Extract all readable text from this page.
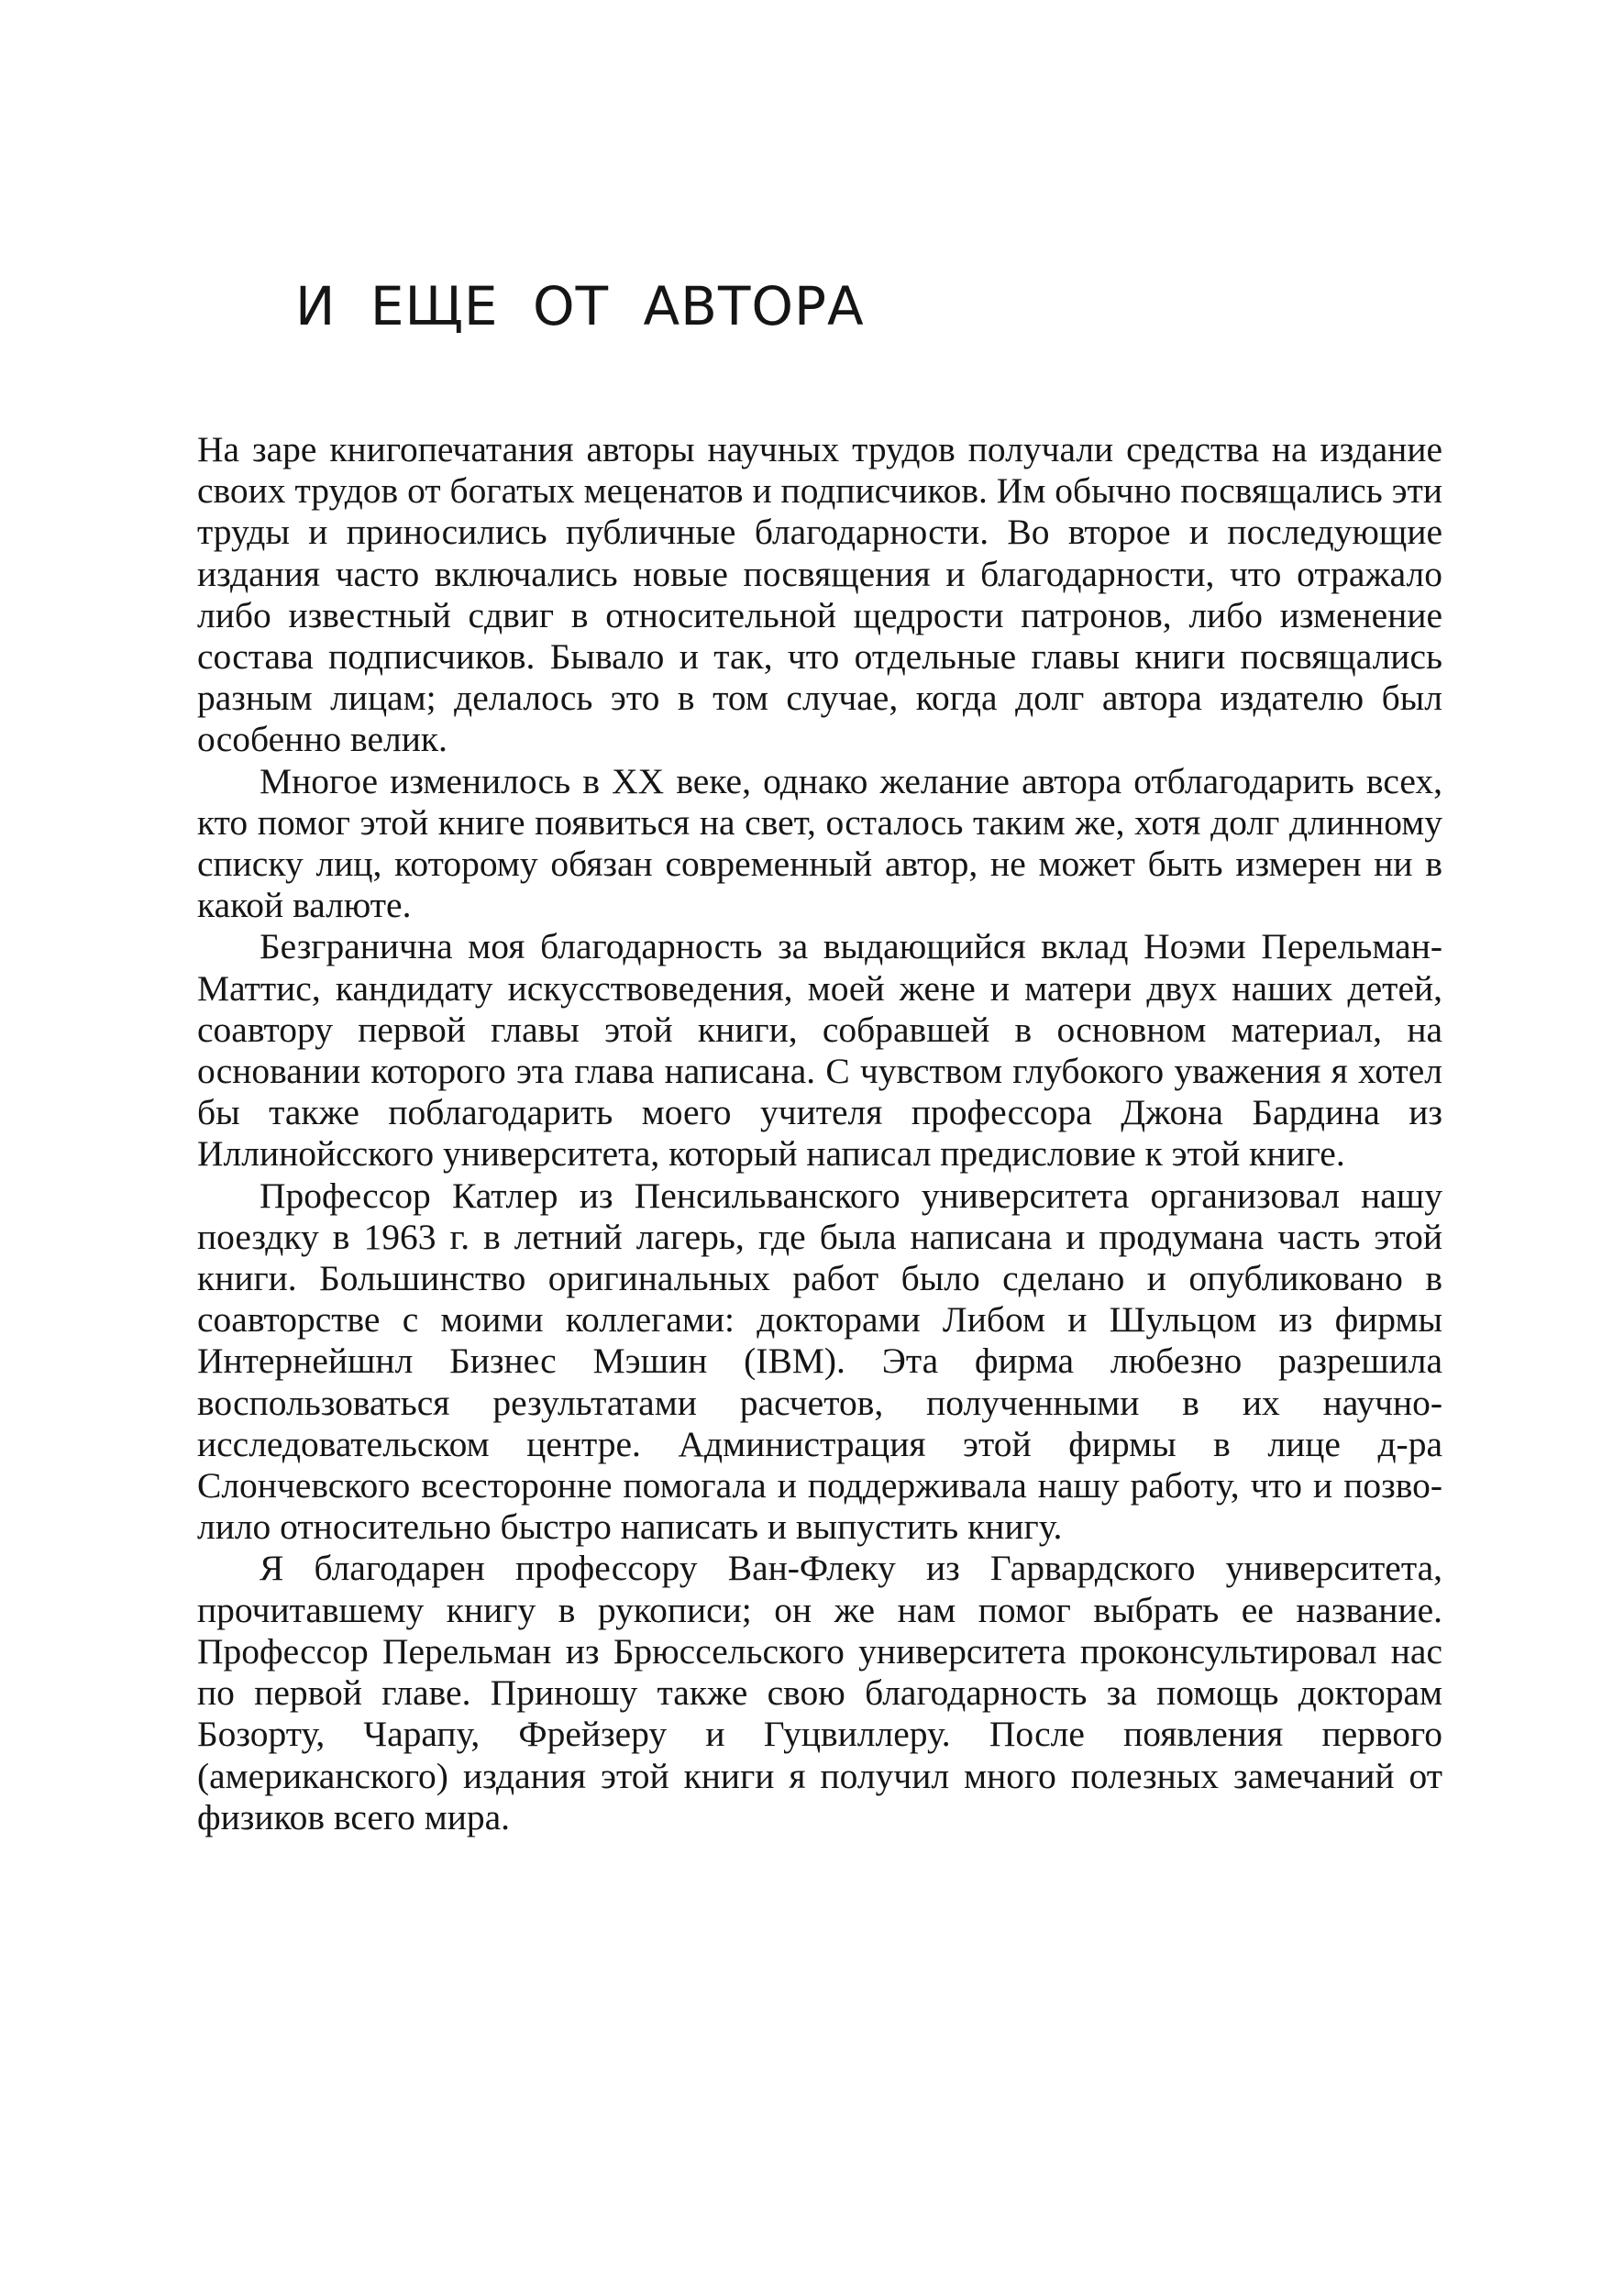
И ЕЩЕ ОТ АВТОРА

На заре книгопечатания авторы научных трудов получали средства на издание своих трудов от богатых меценатов и подписчиков. Им обычно посвящались эти труды и приносились публичные благодарности. Во второе и последующие издания часто включались новые посвящения и благодарности, что отражало либо известный сдвиг в относительной щедрости патронов, либо изменение состава подписчиков. Бывало и так, что отдельные главы книги посвящались разным лицам; делалось это в том случае, когда долг автора издателю был особенно велик.

Многое изменилось в XX веке, однако желание автора отблагодарить всех, кто помог этой книге появиться на свет, осталось таким же, хотя долг длинному списку лиц, которому обязан современный автор, не может быть измерен ни в какой валюте.

Безгранична моя благодарность за выдающийся вклад Ноэми Перельман-Маттис, кандидату искусствоведения, моей жене и матери двух наших детей, соавтору первой главы этой книги, собравшей в основном материал, на основании которого эта глава написана. С чувством глубокого уважения я хотел бы также поблагодарить моего учителя профессора Джона Бардина из Иллинойсского университета, который написал предисловие к этой книге.

Профессор Катлер из Пенсильванского университета организовал нашу поездку в 1963 г. в летний лагерь, где была написана и продумана часть этой книги. Большинство оригинальных работ было сделано и опубликовано в соавторстве с моими коллегами: докторами Либом и Шульцом из фирмы Интернейшнл Бизнес Мэшин (IBM). Эта фирма любезно разрешила воспользоваться результатами расчетов, полученными в их научно-исследовательском центре. Администрация этой фирмы в лице д-ра Слончевского всесторонне помогала и поддерживала нашу работу, что и позволило относительно быстро написать и выпустить книгу.

Я благодарен профессору Ван-Флеку из Гарвардского университета, прочитавшему книгу в рукописи; он же нам помог выбрать ее название. Профессор Перельман из Брюссельского университета проконсультировал нас по первой главе. Приношу также свою благодарность за помощь докторам Бозорту, Чарапу, Фрейзеру и Гуцвиллеру. После появления первого (американского) издания этой книги я получил много полезных замечаний от физиков всего мира.
